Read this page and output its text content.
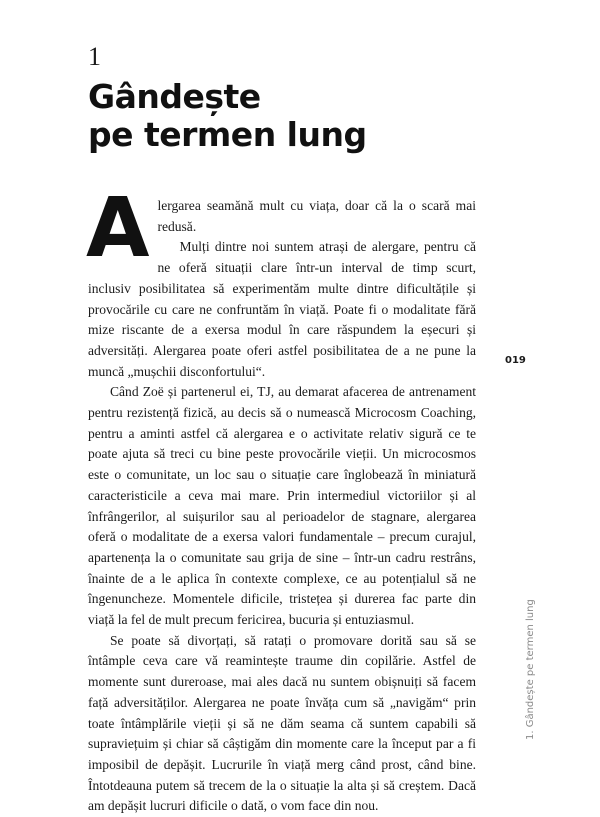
1
Gândește
pe termen lung
A lergarea seamănă mult cu viața, doar că la o scară mai redusă.

Mulți dintre noi suntem atrași de alergare, pentru că ne oferă situații clare într-un interval de timp scurt, inclusiv posibilitatea să experimentăm multe dintre dificultățile și provocările cu care ne confruntăm în viață. Poate fi o modalitate fără mize riscante de a exersa modul în care răspundem la eșecuri și adversități. Alergarea poate oferi astfel posibilitatea de a ne pune la muncă „mușchii disconfortului“.

Când Zoë și partenerul ei, TJ, au demarat afacerea de antrenament pentru rezistență fizică, au decis să o numească Microcosm Coaching, pentru a aminti astfel că alergarea e o activitate relativ sigură ce te poate ajuta să treci cu bine peste provocările vieții. Un microcosmos este o comunitate, un loc sau o situație care înglobează în miniatură caracteristicile a ceva mai mare. Prin intermediul victoriilor și al înfrângerilor, al suișurilor sau al perioadelor de stagnare, alergarea oferă o modalitate de a exersa valori fundamentale – precum curajul, apartenența la o comunitate sau grija de sine – într-un cadru restrâns, înainte de a le aplica în contexte complexe, ce au potențialul să ne îngenuncheze. Momentele dificile, tristețea și durerea fac parte din viață la fel de mult precum fericirea, bucuria și entuziasmul.

Se poate să divorțați, să ratați o promovare dorită sau să se întâmple ceva care vă reamintește traume din copilărie. Astfel de momente sunt dureroase, mai ales dacă nu suntem obișnuiți să facem față adversităților. Alergarea ne poate învăța cum să „navigăm“ prin toate întâmplările vieții și să ne dăm seama că suntem capabili să supraviețuim și chiar să câștigăm din momente care la început par a fi imposibil de depășit. Lucrurile în viață merg când prost, când bine. Întotdeauna putem să trecem de la o situație la alta și să creștem. Dacă am depășit lucruri dificile o dată, o vom face din nou.

019
1. Gândește pe termen lung
